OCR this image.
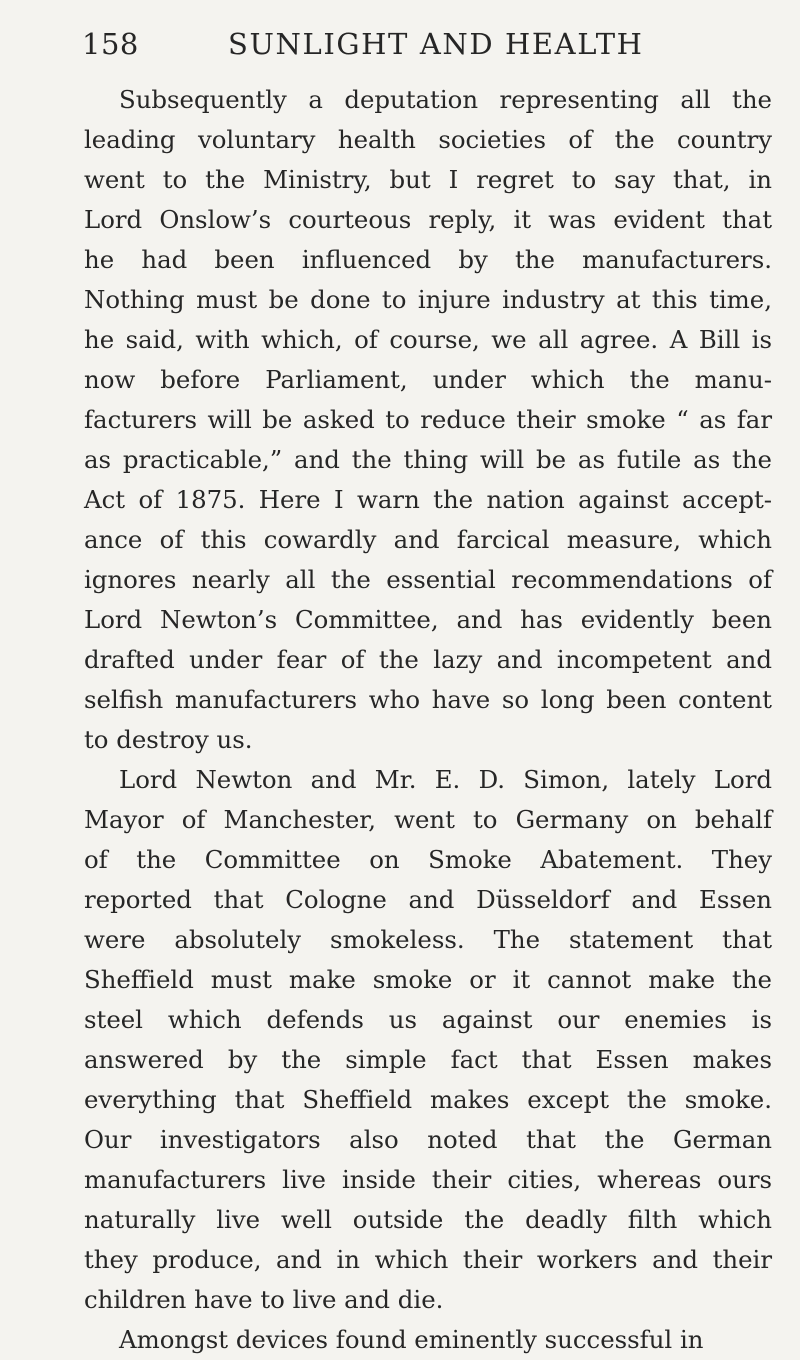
158	SUNLIGHT AND HEALTH
Subsequently a deputation representing all the
leading voluntary health societies of the country
went to the Ministry, but I regret to say that, in
Lord Onslow’s courteous reply, it was evident that
he had been influenced by the manufacturers.
Nothing must be done to injure industry at this time,
he said, with which, of course, we all agree. A Bill is
now before Parliament, under which the manu-
facturers will be asked to reduce their smoke “ as far
as practicable,” and the thing will be as futile as the
Act of 1875. Here I warn the nation against accept-
ance of this cowardly and farcical measure, which
ignores nearly all the essential recommendations of
Lord Newton’s Committee, and has evidently been
drafted under fear of the lazy and incompetent and
selfish manufacturers who have so long been content
to destroy us.
Lord Newton and Mr. E. D. Simon, lately Lord
Mayor of Manchester, went to Germany on behalf
of the Committee on Smoke Abatement. They
reported that Cologne and Düsseldorf and Essen
were absolutely smokeless. The statement that
Sheffield must make smoke or it cannot make the
steel which defends us against our enemies is
answered by the simple fact that Essen makes
everything that Sheffield makes except the smoke.
Our investigators also noted that the German
manufacturers live inside their cities, whereas ours
naturally live well outside the deadly filth which
they produce, and in which their workers and their
children have to live and die.
Amongst devices found eminently successful in
